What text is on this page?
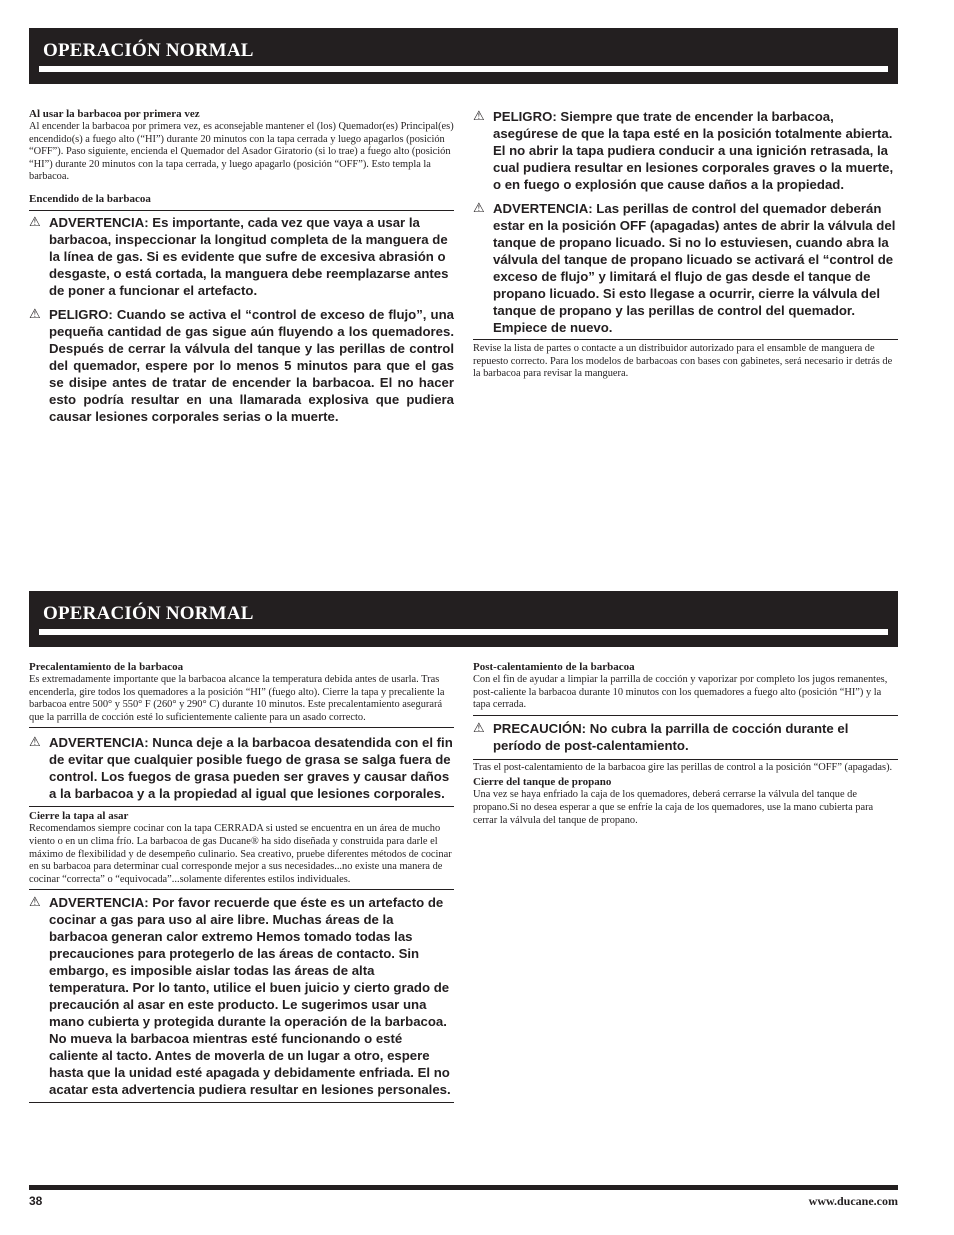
OPERACIÓN NORMAL

Al usar la barbacoa por primera vez

Al encender la barbacoa por primera vez, es aconsejable mantener el (los) Quemador(es) Principal(es) encendido(s) a fuego alto (“HI”) durante 20 minutos con la tapa cerrada y luego apagarlos (posición “OFF”). Paso siguiente, encienda el Quemador del Asador Giratorio (si lo trae) a fuego alto (posición “HI”) durante 20 minutos con la tapa cerrada, y luego apagarlo (posición “OFF”). Esto templa la barbacoa.

Encendido de la barbacoa

⚠ ADVERTENCIA: Es importante, cada vez que vaya a usar la barbacoa, inspeccionar la longitud completa de la manguera de la línea de gas. Si es evidente que sufre de excesiva abrasión o desgaste, o está cortada, la manguera debe reemplazarse antes de poner a funcionar el artefacto.
⚠ PELIGRO: Cuando se activa el “control de exceso de flujo”, una pequeña cantidad de gas sigue aún fluyendo a los quemadores. Después de cerrar la válvula del tanque y las perillas de control del quemador, espere por lo menos 5 minutos para que el gas se disipe antes de tratar de encender la barbacoa. El no hacer esto podría resultar en una llamarada explosiva que pudiera causar lesiones corporales serias o la muerte.
⚠ PELIGRO: Siempre que trate de encender la barbacoa, asegúrese de que la tapa esté en la posición totalmente abierta. El no abrir la tapa pudiera conducir a una ignición retrasada, la cual pudiera resultar en lesiones corporales graves o la muerte, o en fuego o explosión que cause daños a la propiedad.
⚠ ADVERTENCIA: Las perillas de control del quemador deberán estar en la posición OFF (apagadas) antes de abrir la válvula del tanque de propano licuado. Si no lo estuviesen, cuando abra la válvula del tanque de propano licuado se activará el “control de exceso de flujo” y limitará el flujo de gas desde el tanque de propano licuado. Si esto llegase a ocurrir, cierre la válvula del tanque de propano y las perillas de control del quemador. Empiece de nuevo.

Revise la lista de partes o contacte a un distribuidor autorizado para el ensamble de manguera de repuesto correcto. Para los modelos de barbacoas con bases con gabinetes, será necesario ir detrás de la barbacoa para revisar la manguera.

OPERACIÓN NORMAL

Precalentamiento de la barbacoa

Es extremadamente importante que la barbacoa alcance la temperatura debida antes de usarla. Tras encenderla, gire todos los quemadores a la posición “HI” (fuego alto). Cierre la tapa y precaliente la barbacoa entre 500° y 550° F (260° y 290° C) durante 10 minutos. Este precalentamiento asegurará que la parrilla de cocción esté lo suficientemente caliente para un asado correcto.

⚠ ADVERTENCIA: Nunca deje a la barbacoa desatendida con el fin de evitar que cualquier posible fuego de grasa se salga fuera de control. Los fuegos de grasa pueden ser graves y causar daños a la barbacoa y a la propiedad al igual que lesiones corporales.

Cierre la tapa al asar

Recomendamos siempre cocinar con la tapa CERRADA si usted se encuentra en un área de mucho viento o en un clima frío. La barbacoa de gas Ducane® ha sido diseñada y construida para darle el máximo de flexibilidad y de desempeño culinario. Sea creativo, pruebe diferentes métodos de cocinar en su barbacoa para determinar cual corresponde mejor a sus necesidades...no existe una manera de cocinar “correcta” o “equivocada”...solamente diferentes estilos individuales.

⚠ ADVERTENCIA: Por favor recuerde que éste es un artefacto de cocinar a gas para uso al aire libre. Muchas áreas de la barbacoa generan calor extremo Hemos tomado todas las precauciones para protegerlo de las áreas de contacto. Sin embargo, es imposible aislar todas las áreas de alta temperatura. Por lo tanto, utilice el buen juicio y cierto grado de precaución al asar en este producto. Le sugerimos usar una mano cubierta y protegida durante la operación de la barbacoa. No mueva la barbacoa mientras esté funcionando o esté caliente al tacto. Antes de moverla de un lugar a otro, espere hasta que la unidad esté apagada y debidamente enfriada. El no acatar esta advertencia pudiera resultar en lesiones personales.

Post-calentamiento de la barbacoa

Con el fin de ayudar a limpiar la parrilla de cocción y vaporizar por completo los jugos remanentes, post-caliente la barbacoa durante 10 minutos con los quemadores a fuego alto (posición “HI”) y la tapa cerrada.

⚠ PRECAUCIÓN: No cubra la parrilla de cocción durante el período de post-calentamiento.

Tras el post-calentamiento de la barbacoa gire las perillas de control a la posición “OFF” (apagadas).

Cierre del tanque de propano

Una vez se haya enfriado la caja de los quemadores, deberá cerrarse la válvula del tanque de propano.Si no desea esperar a que se enfríe la caja de los quemadores, use la mano cubierta para cerrar la válvula del tanque de propano.

38	www.ducane.com
